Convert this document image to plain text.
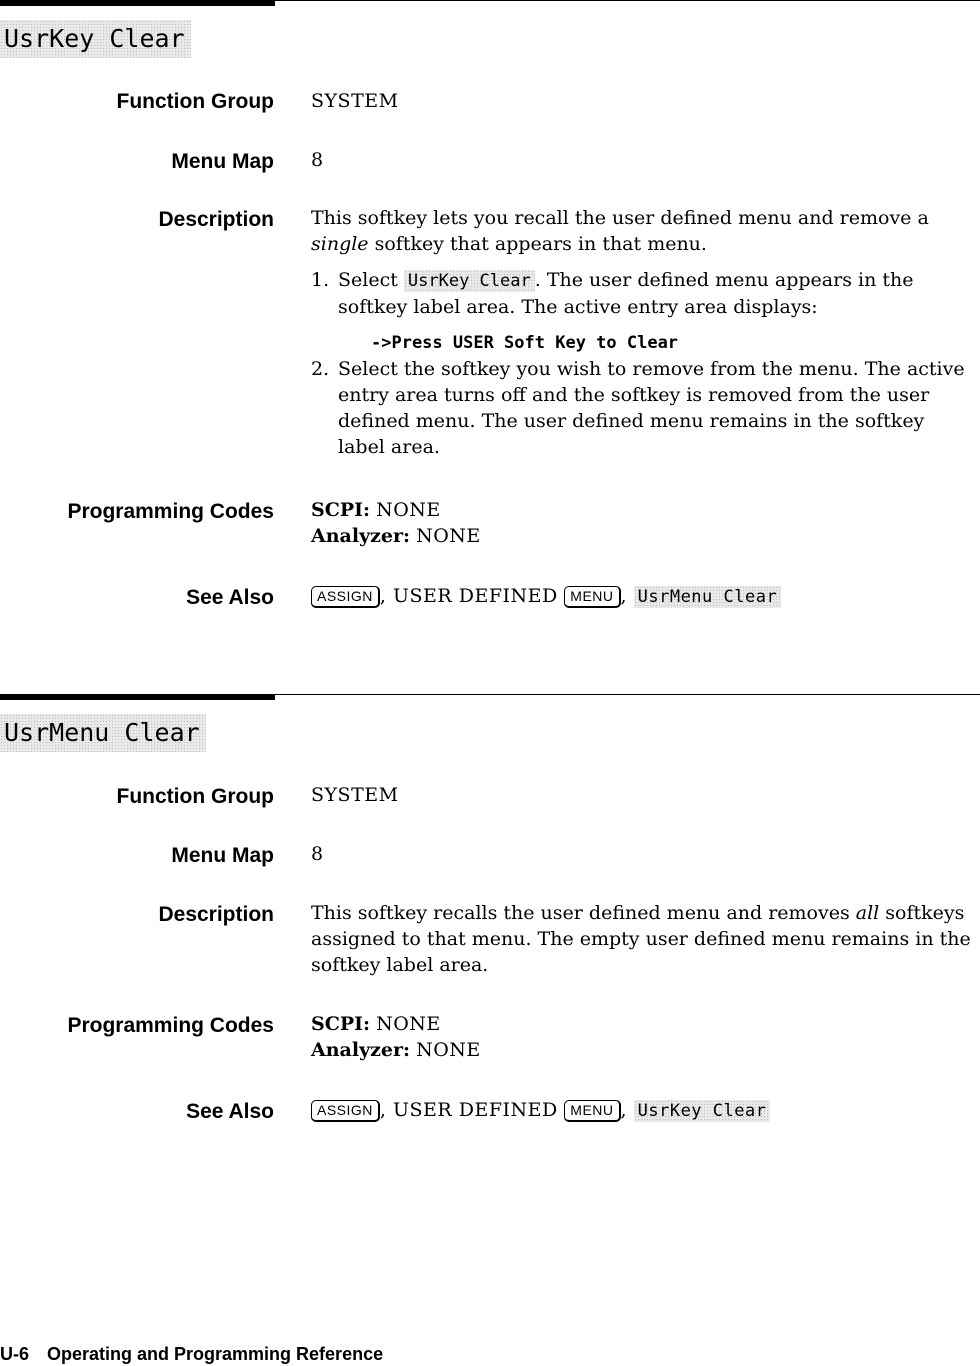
UsrKey Clear
Function Group SYSTEM
Menu Map 8
Description This softkey lets you recall the user defined menu and remove a single softkey that appears in that menu.

1. Select UsrKey Clear . The user defined menu appears in the softkey label area. The active entry area displays:
->Press USER Soft Key to Clear
2. Select the softkey you wish to remove from the menu. The active entry area turns off and the softkey is removed from the user defined menu. The user defined menu remains in the softkey label area.
Programming Codes SCPI: NONE

Analyzer: NONE

See Also	ASSIGN , USER DEFINED MENU , UsrMenu Clear
UsrMenu Clear
Function Group SYSTEM
Menu Map 8
Description This softkey recalls the user defined menu and removes all softkeys assigned to that menu. The empty user defined menu remains in the softkey label area.

Programming Codes SCPI: NONE

Analyzer: NONE

See Also	ASSIGN , USER DEFINED MENU , UsrKey Clear
U-6 Operating and Programming Reference
